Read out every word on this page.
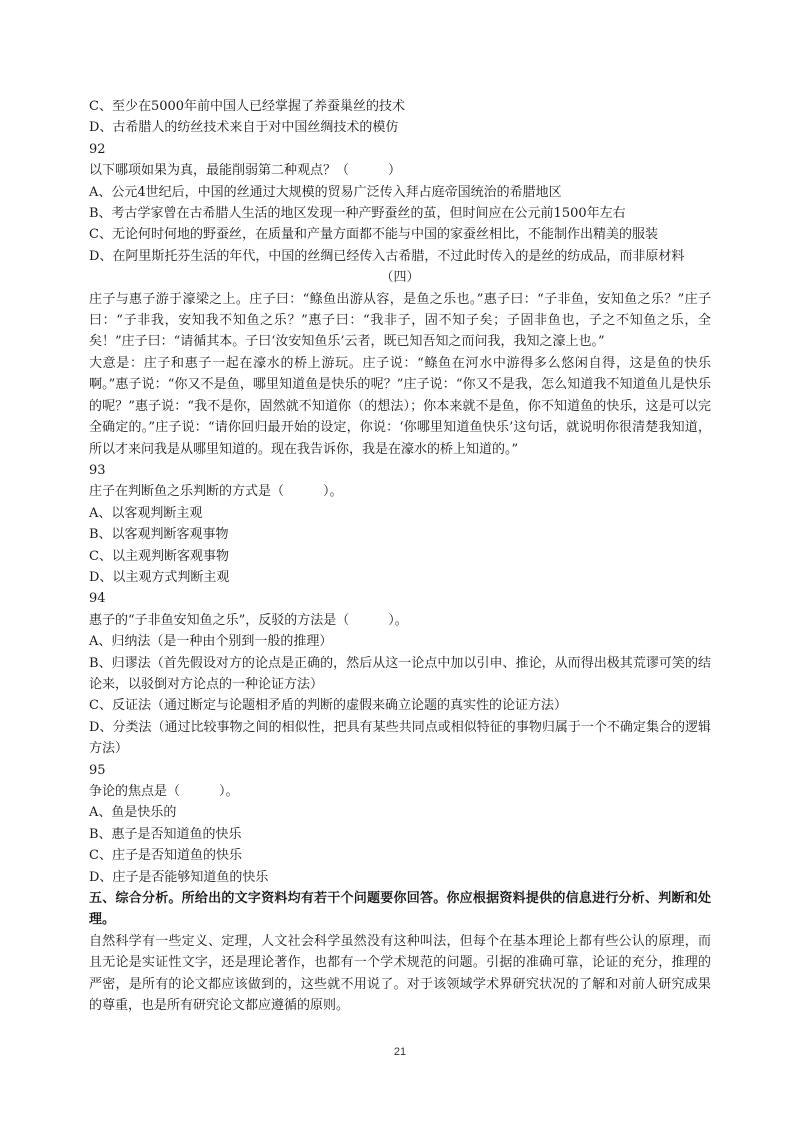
C、至少在5000年前中国人已经掌握了养蚕巢丝的技术
D、古希腊人的纺丝技术来自于对中国丝绸技术的模仿
92
以下哪项如果为真，最能削弱第二种观点？（　　　）
A、公元4世纪后，中国的丝通过大规模的贸易广泛传入拜占庭帝国统治的希腊地区
B、考古学家曾在古希腊人生活的地区发现一种产野蚕丝的茧，但时间应在公元前1500年左右
C、无论何时何地的野蚕丝，在质量和产量方面都不能与中国的家蚕丝相比，不能制作出精美的服装
D、在阿里斯托芬生活的年代，中国的丝绸已经传入古希腊，不过此时传入的是丝的纺成品，而非原材料
（四）
庄子与惠子游于濠梁之上。庄子曰：“鲦鱼出游从容，是鱼之乐也。”惠子曰：“子非鱼，安知鱼之乐？”庄子曰：“子非我，安知我不知鱼之乐？”惠子曰：“我非子，固不知子矣；子固非鱼也，子之不知鱼之乐，全矣！”庄子曰：“请循其本。子曰‘汝安知鱼乐’云者，既已知吾知之而问我，我知之濠上也。”
大意是：庄子和惠子一起在濠水的桥上游玩。庄子说：“鲦鱼在河水中游得多么悠闲自得，这是鱼的快乐啊。”惠子说：“你又不是鱼，哪里知道鱼是快乐的呢？”庄子说：“你又不是我，怎么知道我不知道鱼儿是快乐的呢？”惠子说：“我不是你，固然就不知道你（的想法）；你本来就不是鱼，你不知道鱼的快乐，这是可以完全确定的。”庄子说：“请你回归最开始的设定，你说：‘你哪里知道鱼快乐’这句话，就说明你很清楚我知道，所以才来问我是从哪里知道的。现在我告诉你，我是在濠水的桥上知道的。”
93
庄子在判断鱼之乐判断的方式是（　　　）。
A、以客观判断主观
B、以客观判断客观事物
C、以主观判断客观事物
D、以主观方式判断主观
94
惠子的“子非鱼安知鱼之乐”，反驳的方法是（　　　）。
A、归纳法（是一种由个别到一般的推理）
B、归谬法（首先假设对方的论点是正确的，然后从这一论点中加以引申、推论，从而得出极其荒谬可笑的结论来，以驳倒对方论点的一种论证方法）
C、反证法（通过断定与论题相矛盾的判断的虚假来确立论题的真实性的论证方法）
D、分类法（通过比较事物之间的相似性，把具有某些共同点或相似特征的事物归属于一个不确定集合的逻辑方法）
95
争论的焦点是（　　　）。
A、鱼是快乐的
B、惠子是否知道鱼的快乐
C、庄子是否知道鱼的快乐
D、庄子是否能够知道鱼的快乐
五、综合分析。所给出的文字资料均有若干个问题要你回答。你应根据资料提供的信息进行分析、判断和处理。
自然科学有一些定义、定理，人文社会科学虽然没有这种叫法，但每个在基本理论上都有些公认的原理，而且无论是实证性文字，还是理论著作，也都有一个学术规范的问题。引据的准确可靠，论证的充分，推理的严密，是所有的论文都应该做到的，这些就不用说了。对于该领域学术界研究状况的了解和对前人研究成果的尊重，也是所有研究论文都应遵循的原则。
21
